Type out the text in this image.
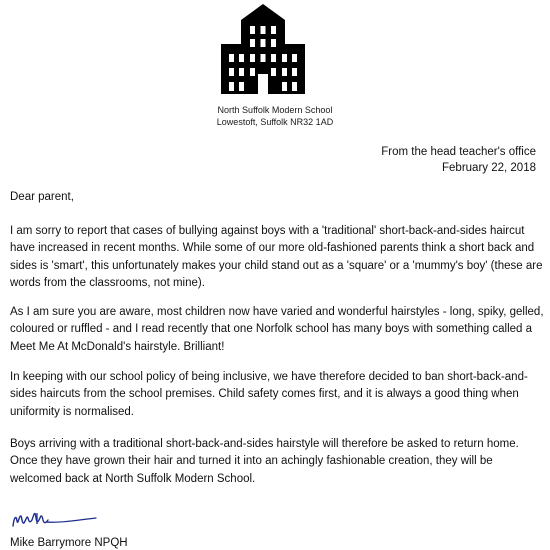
North Suffolk Modern School
Lowestoft, Suffolk NR32 1AD
From the head teacher's office
February 22, 2018
Dear parent,

I am sorry to report that cases of bullying against boys with a 'traditional' short-back-and-sides haircut have increased in recent months. While some of our more old-fashioned parents think a short back and sides is 'smart', this unfortunately makes your child stand out as a 'square' or a 'mummy's boy' (these are words from the classrooms, not mine).

As I am sure you are aware, most children now have varied and wonderful hairstyles - long, spiky, gelled, coloured or ruffled - and I read recently that one Norfolk school has many boys with something called a Meet Me At McDonald's hairstyle. Brilliant!

In keeping with our school policy of being inclusive, we have therefore decided to ban short-back-and-sides haircuts from the school premises. Child safety comes first, and it is always a good thing when uniformity is normalised.

Boys arriving with a traditional short-back-and-sides hairstyle will therefore be asked to return home. Once they have grown their hair and turned it into an achingly fashionable creation, they will be welcomed back at North Suffolk Modern School.

Mike Barrymore NPQH
